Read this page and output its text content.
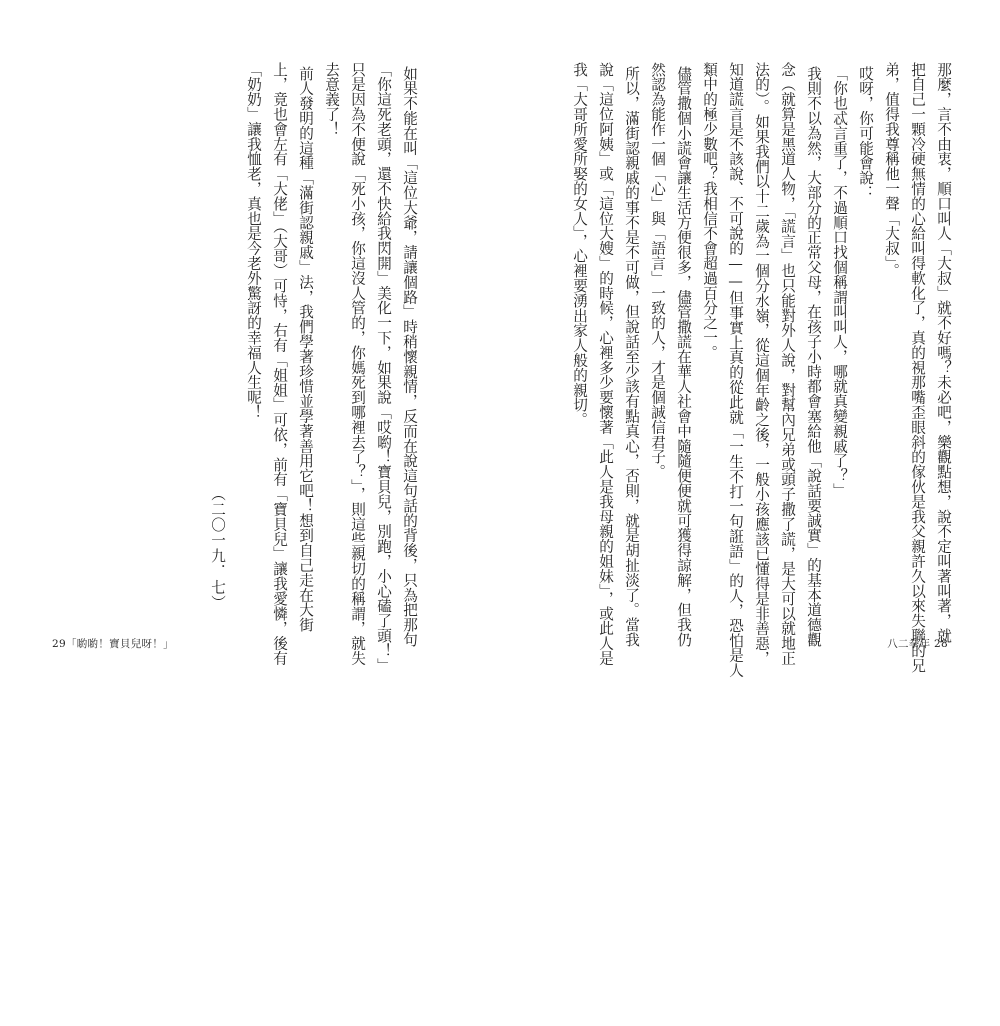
那麼，言不由衷，順口叫人「大叔」就不好嗎？未必吧，樂觀點想，說不定叫著叫著，就
把自己一顆冷硬無情的心給叫得軟化了，真的視那嘴歪眼斜的傢伙是我父親許久以來失聯的兄
弟，值得我尊稱他一聲「大叔」。
哎呀，你可能會說：
「你也忒言重了，不過順口找個稱謂叫叫人，哪就真變親戚了？」
我則不以為然，大部分的正常父母，在孩子小時都會塞給他「說話要誠實」的基本道德觀
念（就算是黑道人物，「謊言」也只能對外人說，對幫內兄弟或頭子撒了謊，是大可以就地正
法的）。如果我們以十二歲為一個分水嶺，從這個年齡之後，一般小孩應該已懂得是非善惡，
知道謊言是不該說、不可說的——但事實上真的從此就「一生不打一句誑語」的人，恐怕是人
類中的極少數吧？我相信不會超過百分之一。
儘管撒個小謊會讓生活方便很多，儘管撒謊在華人社會中隨隨便便就可獲得諒解，但我仍
然認為能作一個「心」與「語言」一致的人，才是個誠信君子。
所以，滿街認親戚的事不是不可做，但說話至少該有點真心，否則，就是胡扯淡了。當我
說「這位阿姨」或「這位大嫂」的時候，心裡多少要懷著「此人是我母親的姐妹」，或此人是
我「大哥所愛所娶的女人」，心裡要湧出家人般的親切。
八二拳年 28
如果不能在叫「這位大爺，請讓個路」時稍懷親情，反而在說這句話的背後，只為把那句
「你這死老頭，還不快給我閃開」美化一下，如果說「哎喲！寶貝兒，別跑，小心磕了頭！」
只是因為不便說「死小孩，你這沒人管的，你媽死到哪裡去了？」，則這些親切的稱謂，就失
去意義了！
前人發明的這種「滿街認親戚」法，我們學著珍惜並學著善用它吧！想到自己走在大街
上，竟也會左有「大佬」（大哥）可恃，右有「姐姐」可依，前有「寶貝兒」讓我愛憐，後有
「奶奶」讓我恤老，真也是今老外驚訝的幸福人生呢！
（二〇一九．七）
29「喲喲！寶貝兒呀！」
